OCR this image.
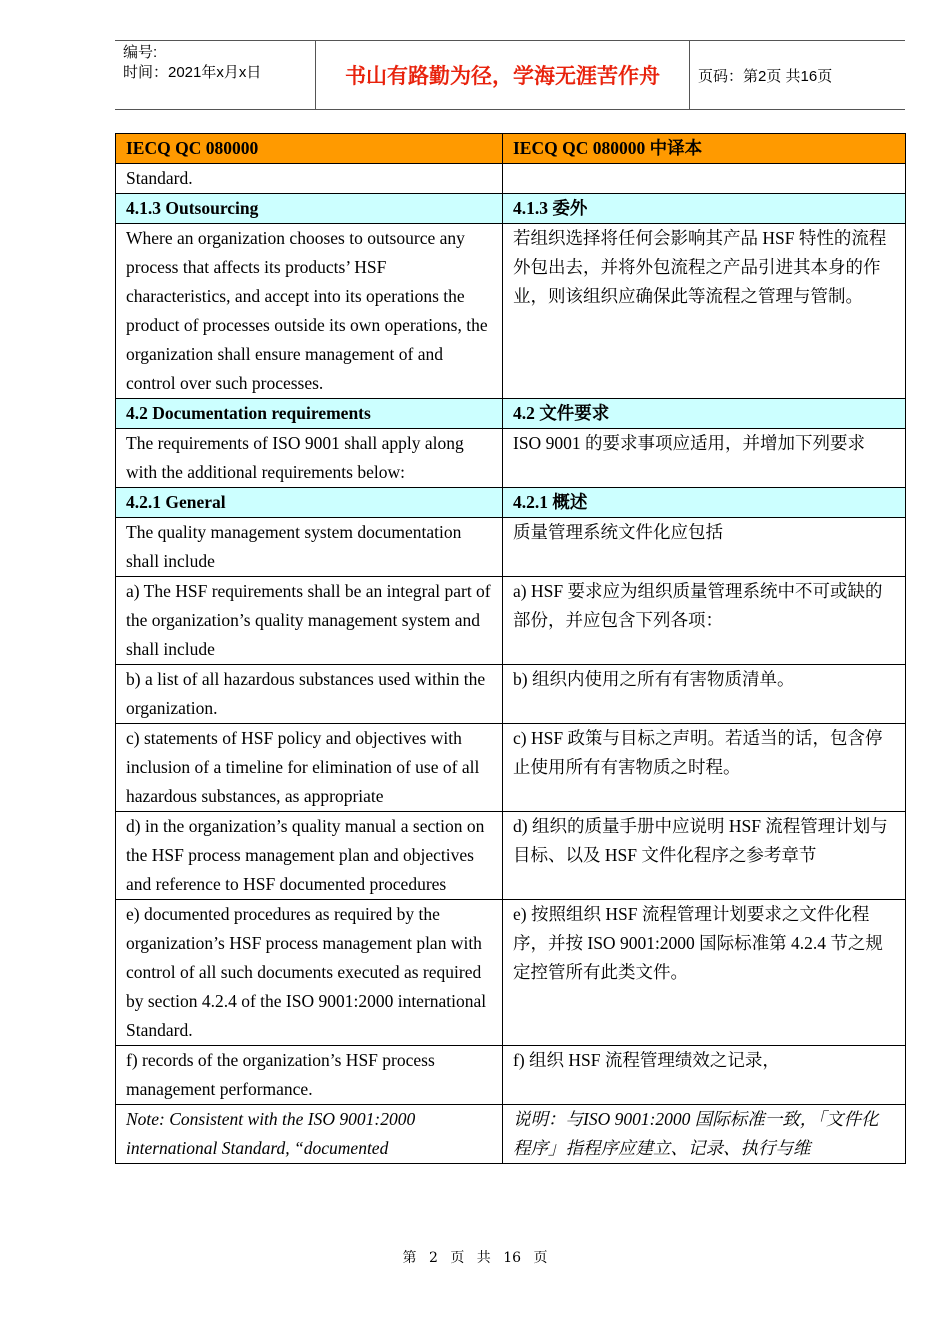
编号:
时间：2021年x月x日	书山有路勤为径，学海无涯苦作舟	页码：第2页 共16页
IECQ QC 080000	IECQ QC 080000 中译本
Standard.	
4.1.3 Outsourcing	4.1.3 委外
Where an organization chooses to outsource any process that affects its products’ HSF characteristics, and accept into its operations the product of processes outside its own operations, the organization shall ensure management of and control over such processes.	若组织选择将任何会影响其产品 HSF 特性的流程外包出去，并将外包流程之产品引进其本身的作业，则该组织应确保此等流程之管理与管制。
4.2 Documentation requirements	4.2 文件要求
The requirements of ISO 9001 shall apply along with the additional requirements below:	ISO 9001 的要求事项应适用，并增加下列要求
4.2.1 General	4.2.1 概述
The quality management system documentation shall include	质量管理系统文件化应包括
a) The HSF requirements shall be an integral part of the organization’s quality management system and shall include	a) HSF 要求应为组织质量管理系统中不可或缺的部份，并应包含下列各项：
b) a list of all hazardous substances used within the organization.	b) 组织内使用之所有有害物质清单。
c) statements of HSF policy and objectives with inclusion of a timeline for elimination of use of all hazardous substances, as appropriate	c) HSF 政策与目标之声明。若适当的话，包含停止使用所有有害物质之时程。
d) in the organization’s quality manual a section on the HSF process management plan and objectives and reference to HSF documented procedures	d) 组织的质量手册中应说明 HSF 流程管理计划与目标、以及 HSF 文件化程序之参考章节
e) documented procedures as required by the organization’s HSF process management plan with control of all such documents executed as required by section 4.2.4 of the ISO 9001:2000 international Standard.	e) 按照组织 HSF 流程管理计划要求之文件化程序，并按 ISO 9001:2000 国际标准第 4.2.4 节之规定控管所有此类文件。
f) records of the organization’s HSF process management performance.	f) 组织 HSF 流程管理绩效之记录，
Note: Consistent with the ISO 9001:2000 international Standard, “documented	说明：与ISO 9001:2000 国际标准一致，「文件化程序」指程序应建立、记录、执行与维
第 2 页 共 16 页
